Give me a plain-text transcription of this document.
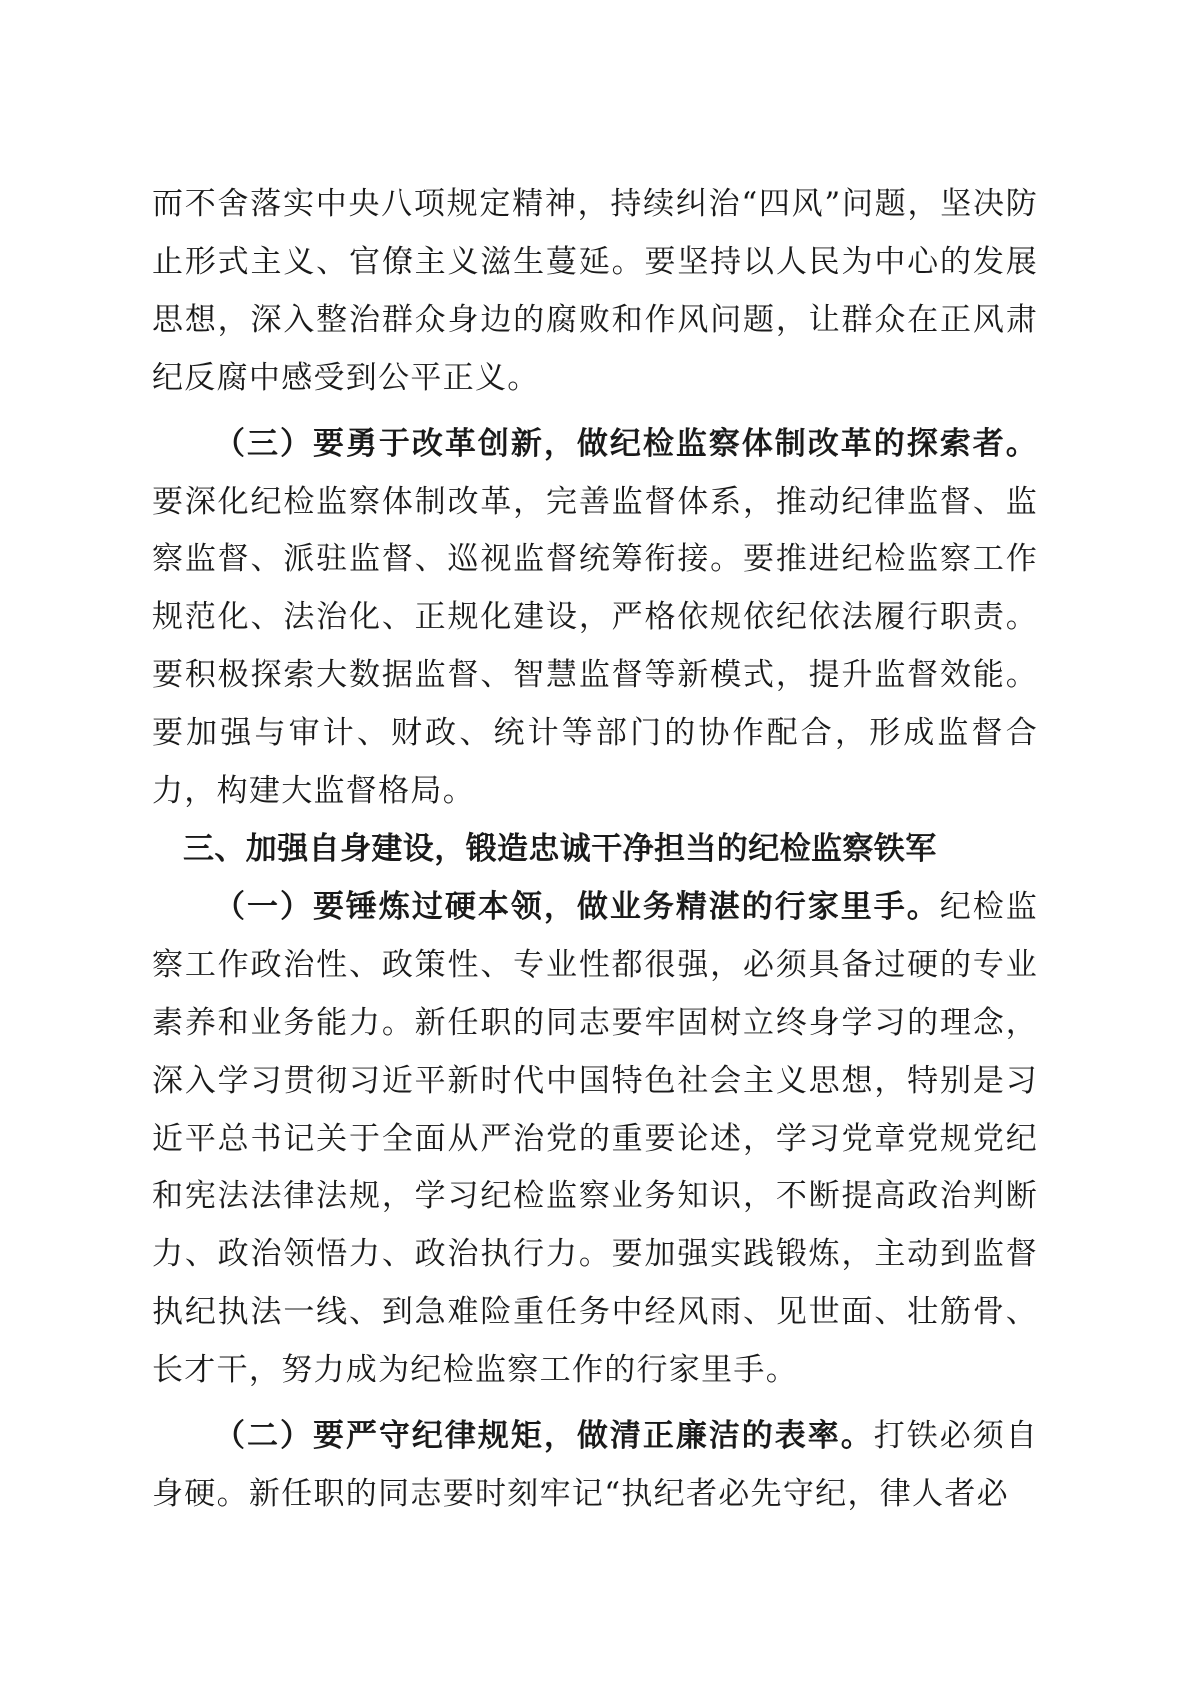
而不舍落实中央八项规定精神，持续纠治“四风”问题，坚决防止形式主义、官僚主义滋生蔓延。要坚持以人民为中心的发展思想，深入整治群众身边的腐败和作风问题，让群众在正风肃纪反腐中感受到公平正义。

（三）要勇于改革创新，做纪检监察体制改革的探索者。要深化纪检监察体制改革，完善监督体系，推动纪律监督、监察监督、派驻监督、巡视监督统筹衔接。要推进纪检监察工作规范化、法治化、正规化建设，严格依规依纪依法履行职责。要积极探索大数据监督、智慧监督等新模式，提升监督效能。要加强与审计、财政、统计等部门的协作配合，形成监督合力，构建大监督格局。

三、加强自身建设，锻造忠诚干净担当的纪检监察铁军

（一）要锤炼过硬本领，做业务精湛的行家里手。纪检监察工作政治性、政策性、专业性都很强，必须具备过硬的专业素养和业务能力。新任职的同志要牢固树立终身学习的理念，深入学习贯彻习近平新时代中国特色社会主义思想，特别是习近平总书记关于全面从严治党的重要论述，学习党章党规党纪和宪法法律法规，学习纪检监察业务知识，不断提高政治判断力、政治领悟力、政治执行力。要加强实践锻炼，主动到监督执纪执法一线、到急难险重任务中经风雨、见世面、壮筋骨、长才干，努力成为纪检监察工作的行家里手。

（二）要严守纪律规矩，做清正廉洁的表率。打铁必须自身硬。新任职的同志要时刻牢记“执纪者必先守纪，律人者必
